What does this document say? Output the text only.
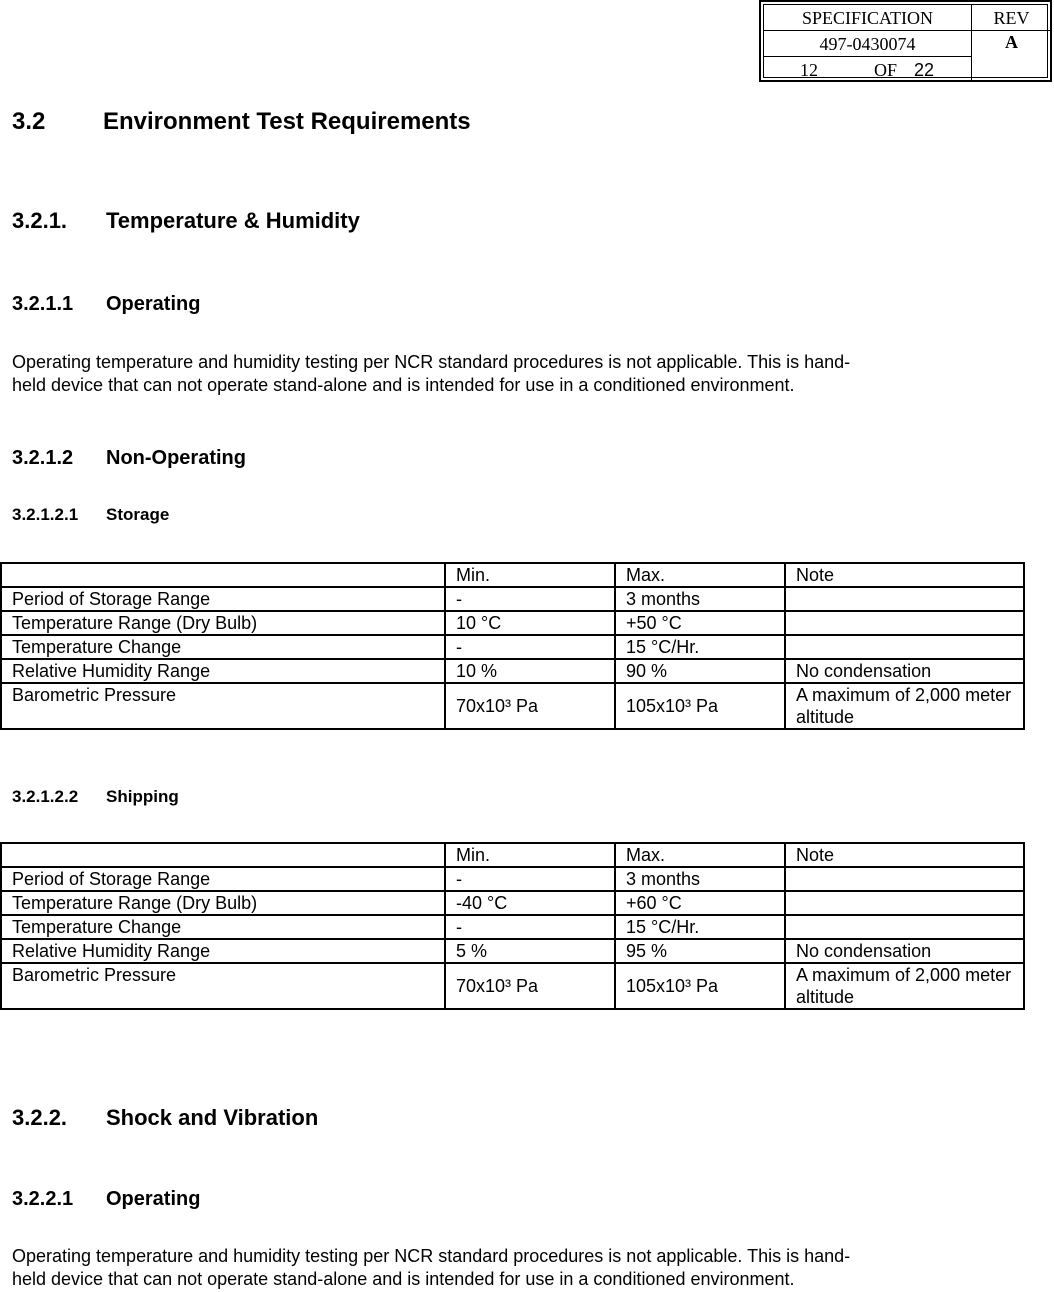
SPECIFICATION	REV
497-0430074	A
12	OF 22
3.2 Environment Test Requirements
3.2.1. Temperature & Humidity
3.2.1.1 Operating
Operating temperature and humidity testing per NCR standard procedures is not applicable. This is hand-
held device that can not operate stand-alone and is intended for use in a conditioned environment.
3.2.1.2 Non-Operating
3.2.1.2.1 Storage
	Min.	Max.	Note
Period of Storage Range	-	3 months	
Temperature Range (Dry Bulb)	10 °C	+50 °C	
Temperature Change	-	15 °C/Hr.	
Relative Humidity Range	10 %	90 %	No condensation
Barometric Pressure	70x10³ Pa	105x10³ Pa	A maximum of 2,000 meter altitude
3.2.1.2.2 Shipping
	Min.	Max.	Note
Period of Storage Range	-	3 months	
Temperature Range (Dry Bulb)	-40 °C	+60 °C	
Temperature Change	-	15 °C/Hr.	
Relative Humidity Range	5 %	95 %	No condensation
Barometric Pressure	70x10³ Pa	105x10³ Pa	A maximum of 2,000 meter altitude
3.2.2. Shock and Vibration
3.2.2.1 Operating
Operating temperature and humidity testing per NCR standard procedures is not applicable. This is hand-
held device that can not operate stand-alone and is intended for use in a conditioned environment.
